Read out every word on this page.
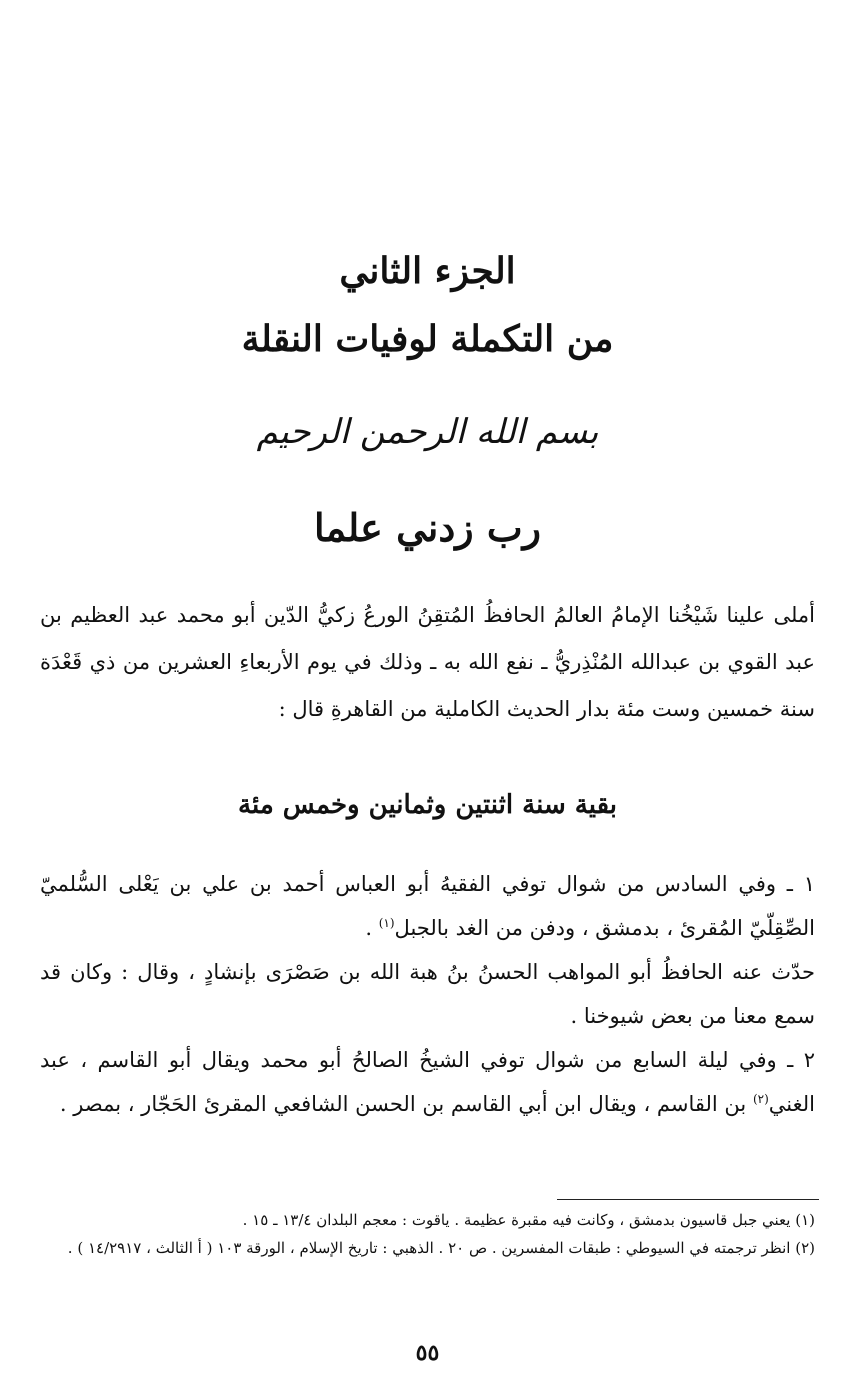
الجزء الثاني
من التكملة لوفيات النقلة
بسم الله الرحمن الرحيم
رب زدني علما
أملى علينا شَيْخُنا الإمامُ العالمُ الحافظُ المُتقِنُ الورعُ زكيُّ الدّين أبو محمد عبد العظيم بن عبد القوي بن عبدالله المُنْذِريُّ ـ نفع الله به ـ وذلك في يوم الأربعاءِ العشرين من ذي قَعْدَة سنة خمسين وست مئة بدار الحديث الكاملية من القاهرةِ قال :
بقية سنة اثنتين وثمانين وخمس مئة

١ ـ وفي السادس من شوال توفي الفقيهُ أبو العباس أحمد بن علي بن يَعْلى السُّلميّ الصِّقِلّيّ المُقرئ ، بدمشق ، ودفن من الغد بالجبل$^{(١)}$ .

حدّث عنه الحافظُ أبو المواهب الحسنُ بنُ هبة الله بن صَصْرَى بإنشادٍ ، وقال : وكان قد سمع معنا من بعض شيوخنا .

٢ ـ وفي ليلة السابع من شوال توفي الشيخُ الصالحُ أبو محمد ويقال أبو القاسم ، عبد الغني$^{(٢)}$ بن القاسم ، ويقال ابن أبي القاسم بن الحسن الشافعي المقرئ الحَجّار ، بمصر .

(١) يعني جبل قاسيون بدمشق ، وكانت فيه مقبرة عظيمة . ياقوت : معجم البلدان ١٣/٤ ـ ١٥ .

(٢) انظر ترجمته في السيوطي : طبقات المفسرين . ص ٢٠ . الذهبي : تاريخ الإسلام ، الورقة ١٠٣ ( أ الثالث ، ١٤/٢٩١٧ ) .

٥٥
